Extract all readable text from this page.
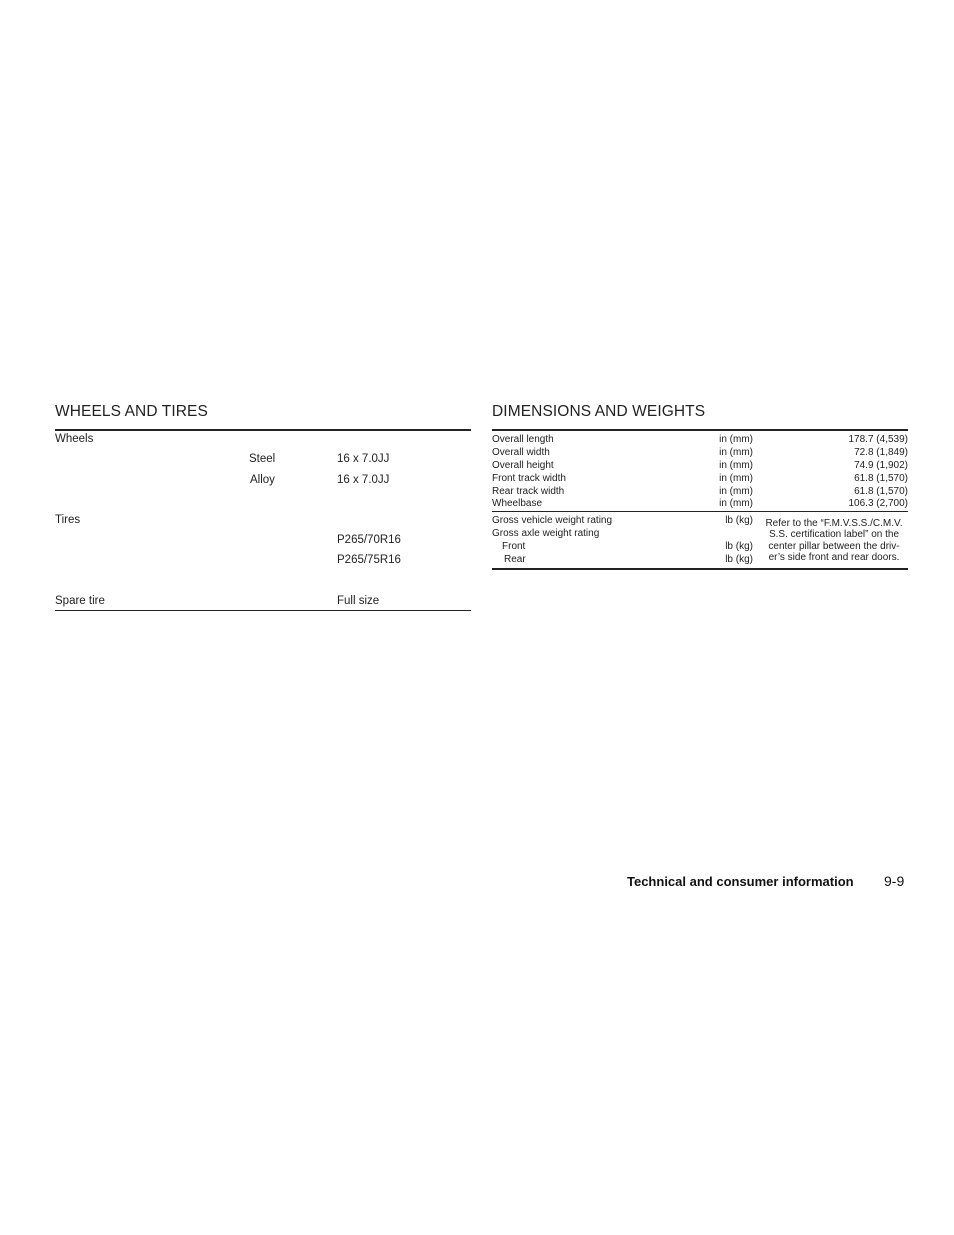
WHEELS AND TIRES
Wheels
Steel	16 x 7.0JJ
Alloy	16 x 7.0JJ
Tires
P265/70R16
P265/75R16
Spare tire	Full size
DIMENSIONS AND WEIGHTS
Overall length	in (mm)	178.7 (4,539)
Overall width	in (mm)	72.8 (1,849)
Overall height	in (mm)	74.9 (1,902)
Front track width	in (mm)	61.8 (1,570)
Rear track width	in (mm)	61.8 (1,570)
Wheelbase	in (mm)	106.3 (2,700)
Gross vehicle weight rating	lb (kg)
Gross axle weight rating
Front	lb (kg)
Rear	lb (kg)
Refer to the “F.M.V.S.S./C.M.V.
S.S. certification label” on the
center pillar between the driv-
er’s side front and rear doors.
Technical and consumer information 9-9
